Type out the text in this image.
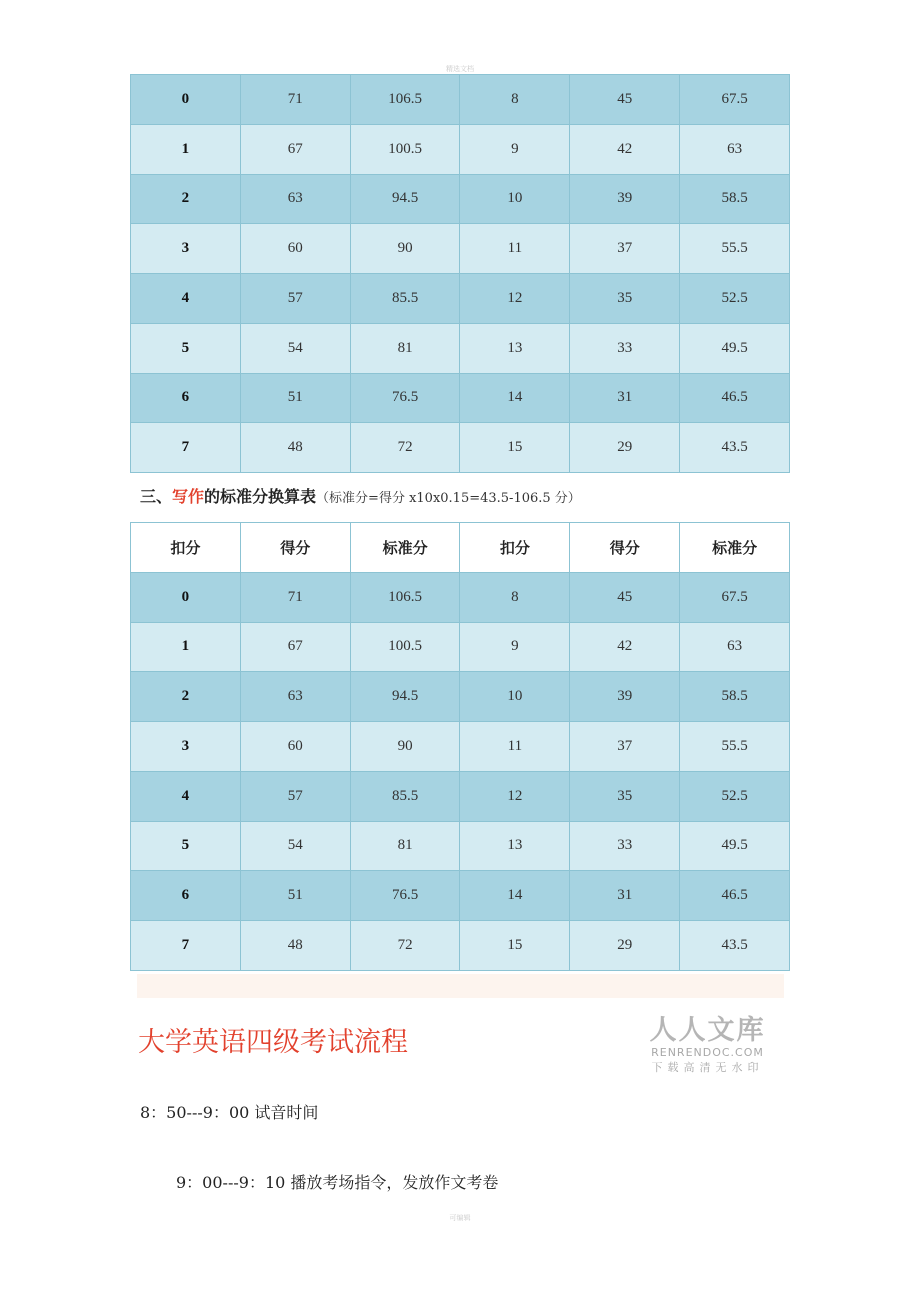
精选文档
0	71	106.5	8	45	67.5
1	67	100.5	9	42	63
2	63	94.5	10	39	58.5
3	60	90	11	37	55.5
4	57	85.5	12	35	52.5
5	54	81	13	33	49.5
6	51	76.5	14	31	46.5
7	48	72	15	29	43.5
三、写作的标准分换算表（标准分=得分 x10x0.15=43.5-106.5 分）
扣分	得分	标准分	扣分	得分	标准分
0	71	106.5	8	45	67.5
1	67	100.5	9	42	63
2	63	94.5	10	39	58.5
3	60	90	11	37	55.5
4	57	85.5	12	35	52.5
5	54	81	13	33	49.5
6	51	76.5	14	31	46.5
7	48	72	15	29	43.5
大学英语四级考试流程	人人文库
RENRENDOC.COM
下载高清无水印
8：50---9：00 试音时间
9：00---9：10 播放考场指令，发放作文考卷
可编辑
